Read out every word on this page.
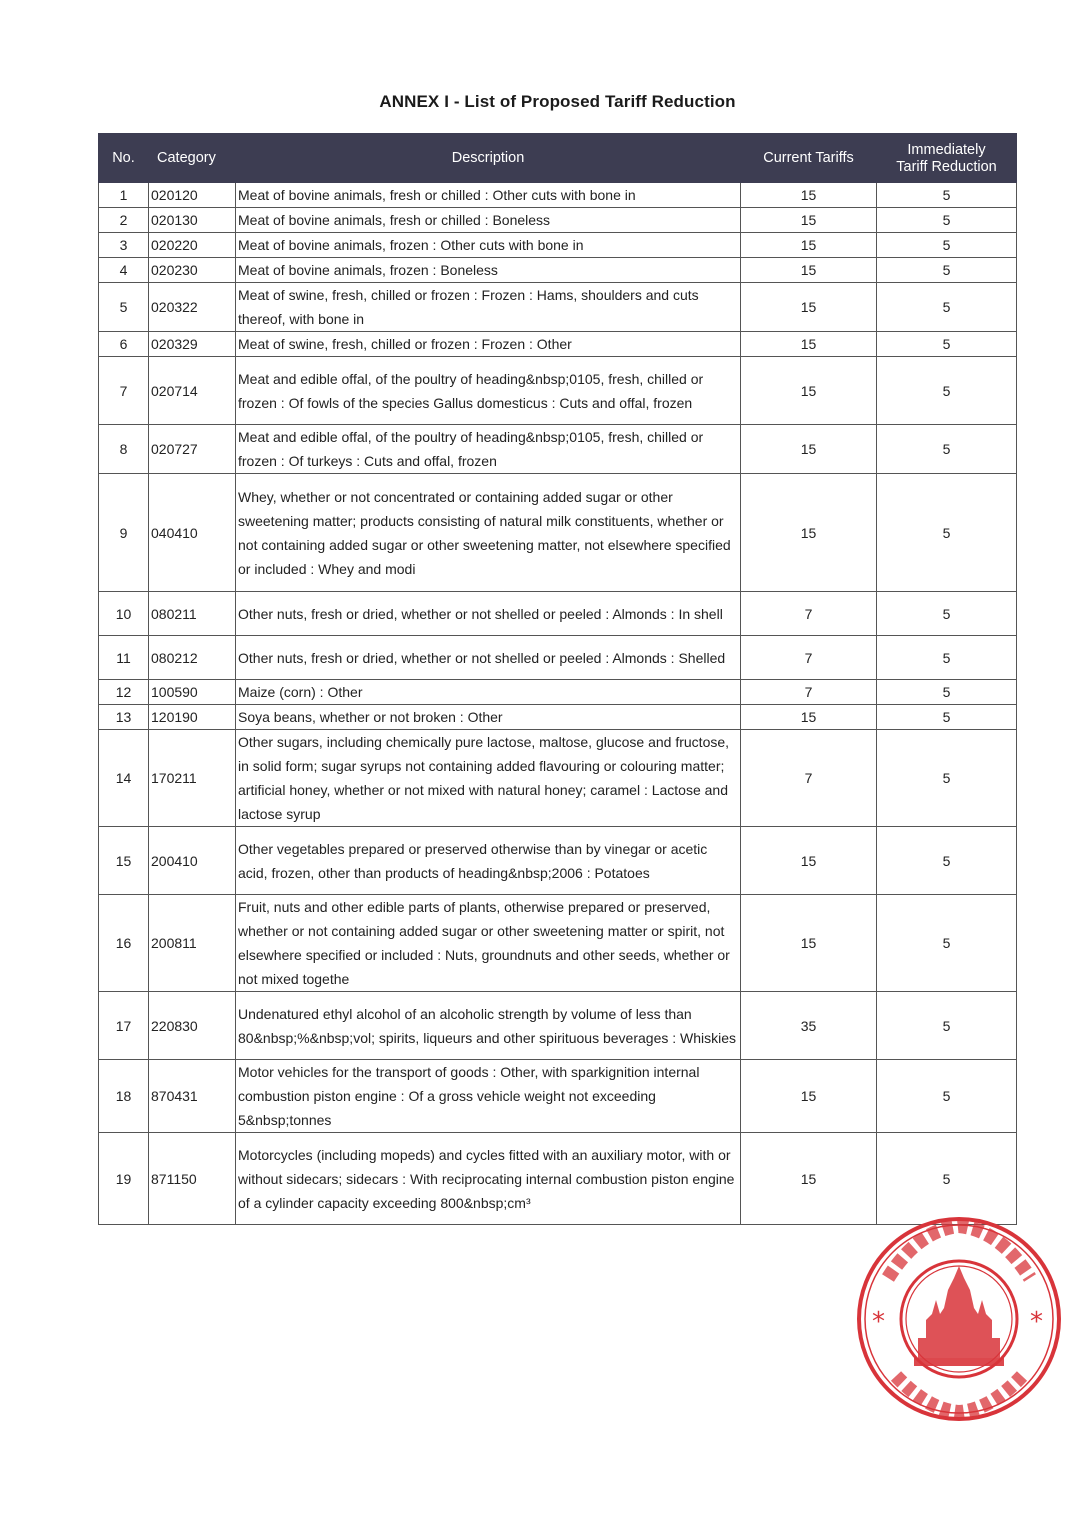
ANNEX I - List of Proposed Tariff Reduction
No.	Category	Description	Current Tariffs	Immediately
Tariff Reduction

1	020120	Meat of bovine animals, fresh or chilled : Other cuts with bone in	15	5
2	020130	Meat of bovine animals, fresh or chilled : Boneless	15	5
3	020220	Meat of bovine animals, frozen : Other cuts with bone in	15	5
4	020230	Meat of bovine animals, frozen : Boneless	15	5
5	020322	Meat of swine, fresh, chilled or frozen : Frozen : Hams, shoulders and cuts thereof, with bone in	15	5
6	020329	Meat of swine, fresh, chilled or frozen : Frozen : Other	15	5
7	020714	Meat and edible offal, of the poultry of heading&nbsp;0105, fresh, chilled or frozen : Of fowls of the species Gallus domesticus : Cuts and offal, frozen	15	5
8	020727	Meat and edible offal, of the poultry of heading&nbsp;0105, fresh, chilled or frozen : Of turkeys : Cuts and offal, frozen	15	5
9	040410	Whey, whether or not concentrated or containing added sugar or other sweetening matter; products consisting of natural milk constituents, whether or not containing added sugar or other sweetening matter, not elsewhere specified or included : Whey and modi	15	5
10	080211	Other nuts, fresh or dried, whether or not shelled or peeled : Almonds : In shell	7	5
11	080212	Other nuts, fresh or dried, whether or not shelled or peeled : Almonds : Shelled	7	5
12	100590	Maize (corn) : Other	7	5
13	120190	Soya beans, whether or not broken : Other	15	5
14	170211	Other sugars, including chemically pure lactose, maltose, glucose and fructose, in solid form; sugar syrups not containing added flavouring or colouring matter; artificial honey, whether or not mixed with natural honey; caramel : Lactose and lactose syrup	7	5
15	200410	Other vegetables prepared or preserved otherwise than by vinegar or acetic acid, frozen, other than products of heading&nbsp;2006 : Potatoes	15	5
16	200811	Fruit, nuts and other edible parts of plants, otherwise prepared or preserved, whether or not containing added sugar or other sweetening matter or spirit, not elsewhere specified or included : Nuts, groundnuts and other seeds, whether or not mixed togethe	15	5
17	220830	Undenatured ethyl alcohol of an alcoholic strength by volume of less than 80&nbsp;%&nbsp;vol; spirits, liqueurs and other spirituous beverages : Whiskies	35	5
18	870431	Motor vehicles for the transport of goods : Other, with sparkignition internal combustion piston engine : Of a gross vehicle weight not exceeding 5&nbsp;tonnes	15	5
19	871150	Motorcycles (including mopeds) and cycles fitted with an auxiliary motor, with or without sidecars; sidecars : With reciprocating internal combustion piston engine of a cylinder capacity exceeding 800&nbsp;cm³	15	5
*	*
